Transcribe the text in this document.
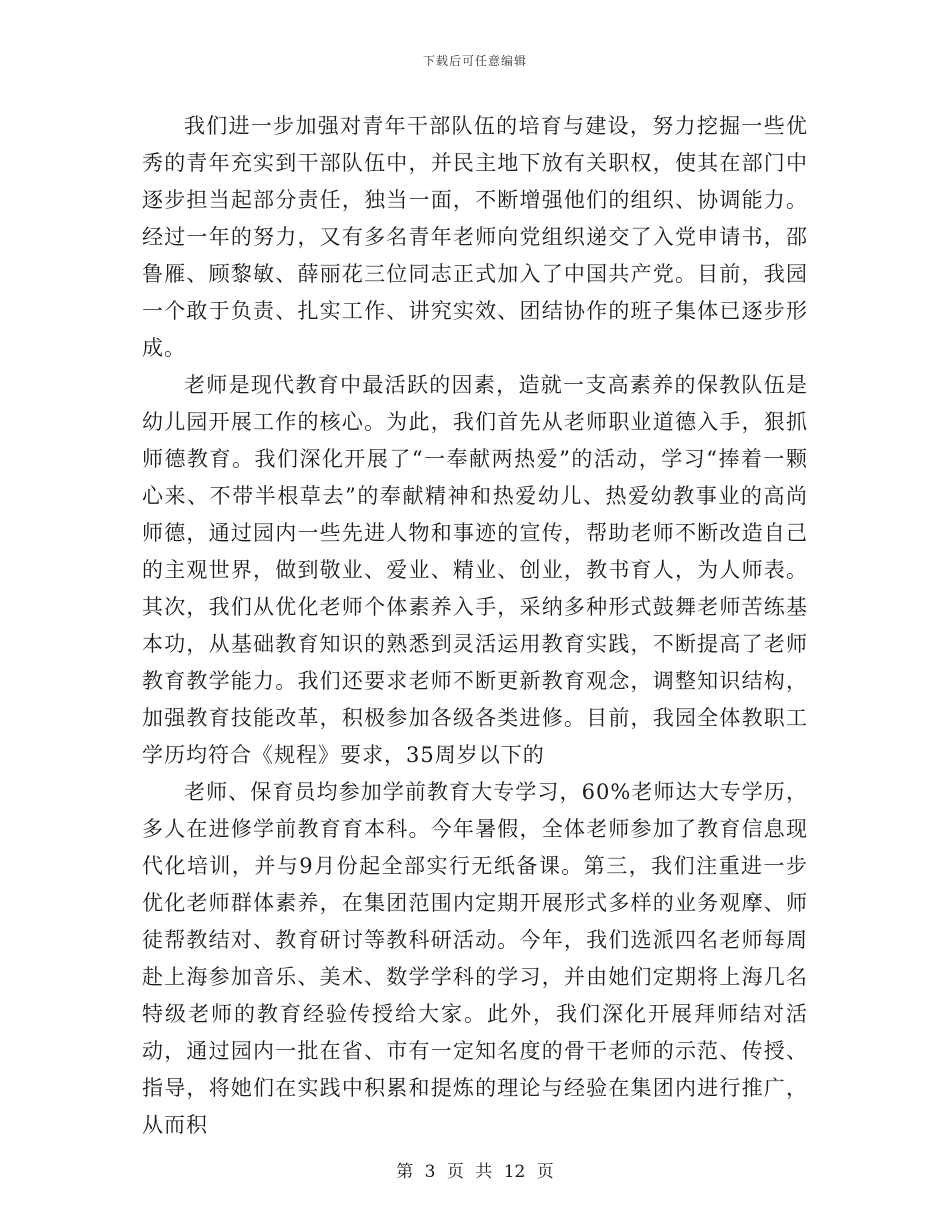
下载后可任意编辑

我们进一步加强对青年干部队伍的培育与建设，努力挖掘一些优秀的青年充实到干部队伍中，并民主地下放有关职权，使其在部门中逐步担当起部分责任，独当一面，不断增强他们的组织、协调能力。经过一年的努力，又有多名青年老师向党组织递交了入党申请书，邵鲁雁、顾黎敏、薛丽花三位同志正式加入了中国共产党。目前，我园一个敢于负责、扎实工作、讲究实效、团结协作的班子集体已逐步形成。

老师是现代教育中最活跃的因素，造就一支高素养的保教队伍是幼儿园开展工作的核心。为此，我们首先从老师职业道德入手，狠抓师德教育。我们深化开展了“一奉献两热爱”的活动，学习“捧着一颗心来、不带半根草去”的奉献精神和热爱幼儿、热爱幼教事业的高尚师德，通过园内一些先进人物和事迹的宣传，帮助老师不断改造自己的主观世界，做到敬业、爱业、精业、创业，教书育人，为人师表。其次，我们从优化老师个体素养入手，采纳多种形式鼓舞老师苦练基本功，从基础教育知识的熟悉到灵活运用教育实践，不断提高了老师教育教学能力。我们还要求老师不断更新教育观念，调整知识结构，加强教育技能改革，积极参加各级各类进修。目前，我园全体教职工学历均符合《规程》要求，35周岁以下的

老师、保育员均参加学前教育大专学习，60%老师达大专学历，多人在进修学前教育育本科。今年暑假，全体老师参加了教育信息现代化培训，并与9月份起全部实行无纸备课。第三，我们注重进一步优化老师群体素养，在集团范围内定期开展形式多样的业务观摩、师徒帮教结对、教育研讨等教科研活动。今年，我们选派四名老师每周赴上海参加音乐、美术、数学学科的学习，并由她们定期将上海几名特级老师的教育经验传授给大家。此外，我们深化开展拜师结对活动，通过园内一批在省、市有一定知名度的骨干老师的示范、传授、指导，将她们在实践中积累和提炼的理论与经验在集团内进行推广，从而积

第 3 页 共 12 页
